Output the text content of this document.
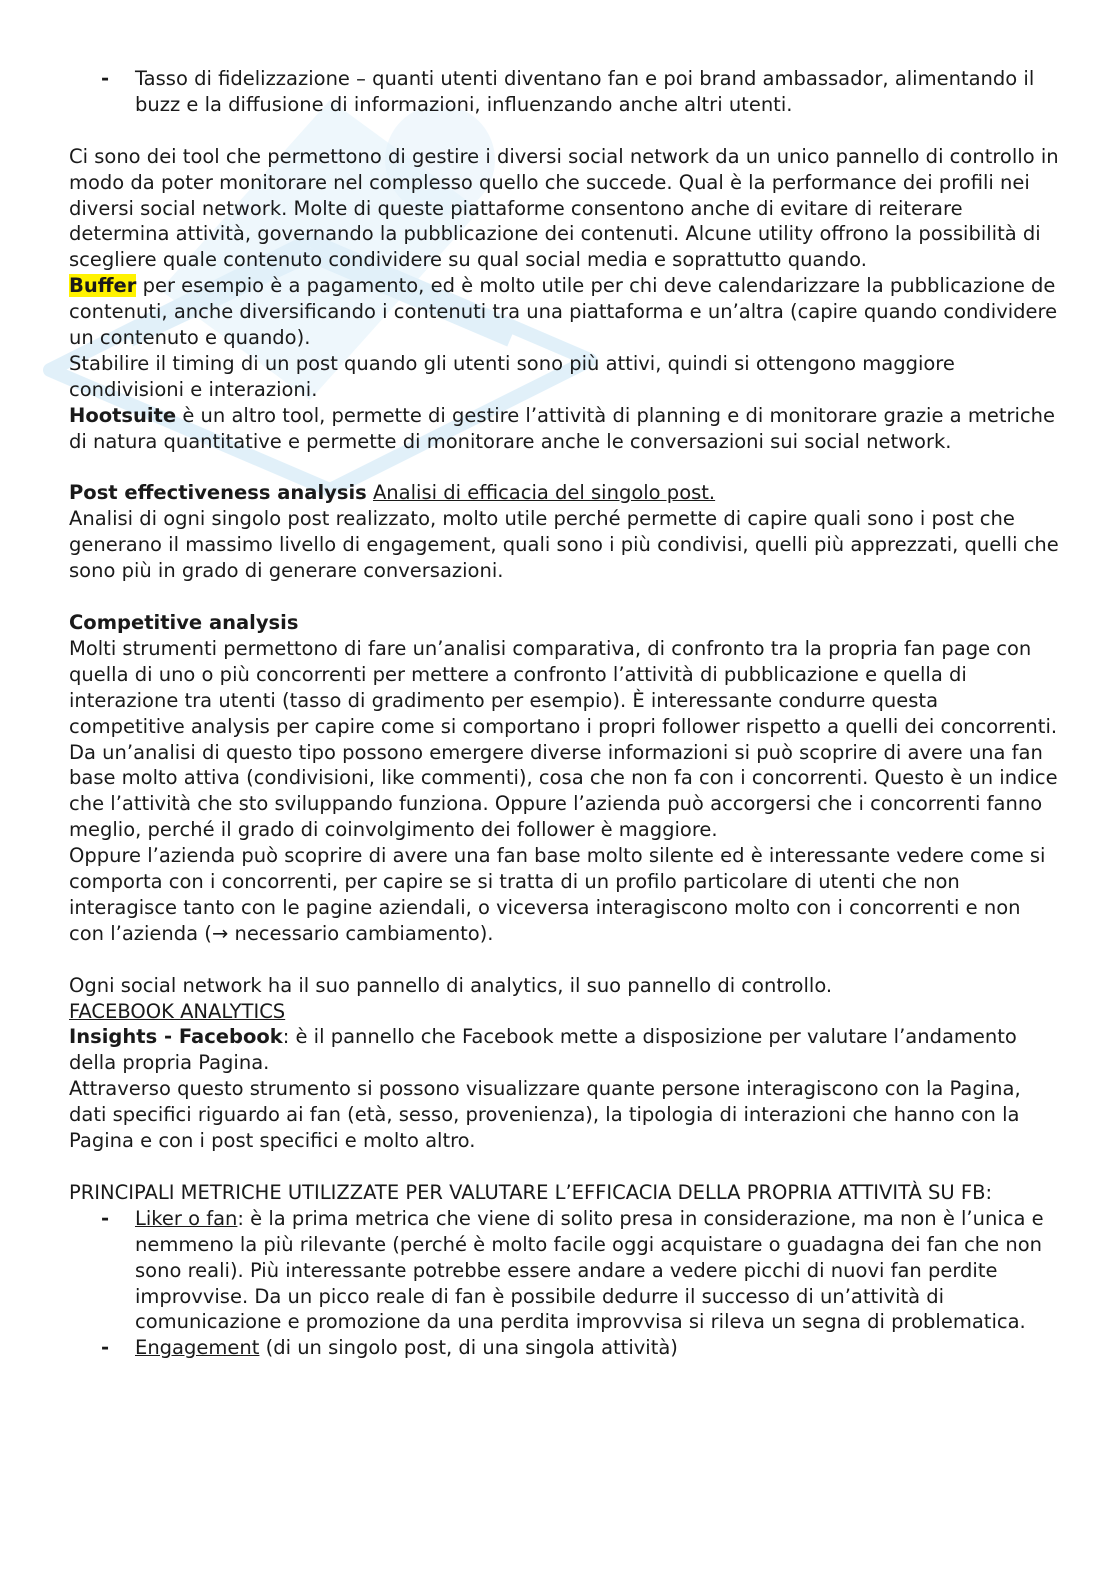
- Tasso di fidelizzazione – quanti utenti diventano fan e poi brand ambassador, alimentando il buzz e la diffusione di informazioni, influenzando anche altri utenti.

Ci sono dei tool che permettono di gestire i diversi social network da un unico pannello di controllo in modo da poter monitorare nel complesso quello che succede. Qual è la performance dei profili nei diversi social network. Molte di queste piattaforme consentono anche di evitare di reiterare determina attività, governando la pubblicazione dei contenuti. Alcune utility offrono la possibilità di scegliere quale contenuto condividere su qual social media e soprattutto quando.

Buffer per esempio è a pagamento, ed è molto utile per chi deve calendarizzare la pubblicazione de contenuti, anche diversificando i contenuti tra una piattaforma e un’altra (capire quando condividere un contenuto e quando).

Stabilire il timing di un post quando gli utenti sono più attivi, quindi si ottengono maggiore condivisioni e interazioni.

Hootsuite è un altro tool, permette di gestire l’attività di planning e di monitorare grazie a metriche di natura quantitative e permette di monitorare anche le conversazioni sui social network.

Post effectiveness analysis Analisi di efficacia del singolo post.

Analisi di ogni singolo post realizzato, molto utile perché permette di capire quali sono i post che generano il massimo livello di engagement, quali sono i più condivisi, quelli più apprezzati, quelli che sono più in grado di generare conversazioni.

Competitive analysis

Molti strumenti permettono di fare un’analisi comparativa, di confronto tra la propria fan page con quella di uno o più concorrenti per mettere a confronto l’attività di pubblicazione e quella di interazione tra utenti (tasso di gradimento per esempio). È interessante condurre questa competitive analysis per capire come si comportano i propri follower rispetto a quelli dei concorrenti. Da un’analisi di questo tipo possono emergere diverse informazioni si può scoprire di avere una fan base molto attiva (condivisioni, like commenti), cosa che non fa con i concorrenti. Questo è un indice che l’attività che sto sviluppando funziona. Oppure l’azienda può accorgersi che i concorrenti fanno meglio, perché il grado di coinvolgimento dei follower è maggiore.

Oppure l’azienda può scoprire di avere una fan base molto silente ed è interessante vedere come si comporta con i concorrenti, per capire se si tratta di un profilo particolare di utenti che non interagisce tanto con le pagine aziendali, o viceversa interagiscono molto con i concorrenti e non con l’azienda (→ necessario cambiamento).

Ogni social network ha il suo pannello di analytics, il suo pannello di controllo.

FACEBOOK ANALYTICS

Insights - Facebook: è il pannello che Facebook mette a disposizione per valutare l’andamento della propria Pagina.

Attraverso questo strumento si possono visualizzare quante persone interagiscono con la Pagina, dati specifici riguardo ai fan (età, sesso, provenienza), la tipologia di interazioni che hanno con la Pagina e con i post specifici e molto altro.

PRINCIPALI METRICHE UTILIZZATE PER VALUTARE L’EFFICACIA DELLA PROPRIA ATTIVITÀ SU FB:

- Liker o fan: è la prima metrica che viene di solito presa in considerazione, ma non è l’unica e nemmeno la più rilevante (perché è molto facile oggi acquistare o guadagna dei fan che non sono reali). Più interessante potrebbe essere andare a vedere picchi di nuovi fan perdite improvvise. Da un picco reale di fan è possibile dedurre il successo di un’attività di comunicazione e promozione da una perdita improvvisa si rileva un segna di problematica.
- Engagement (di un singolo post, di una singola attività)
